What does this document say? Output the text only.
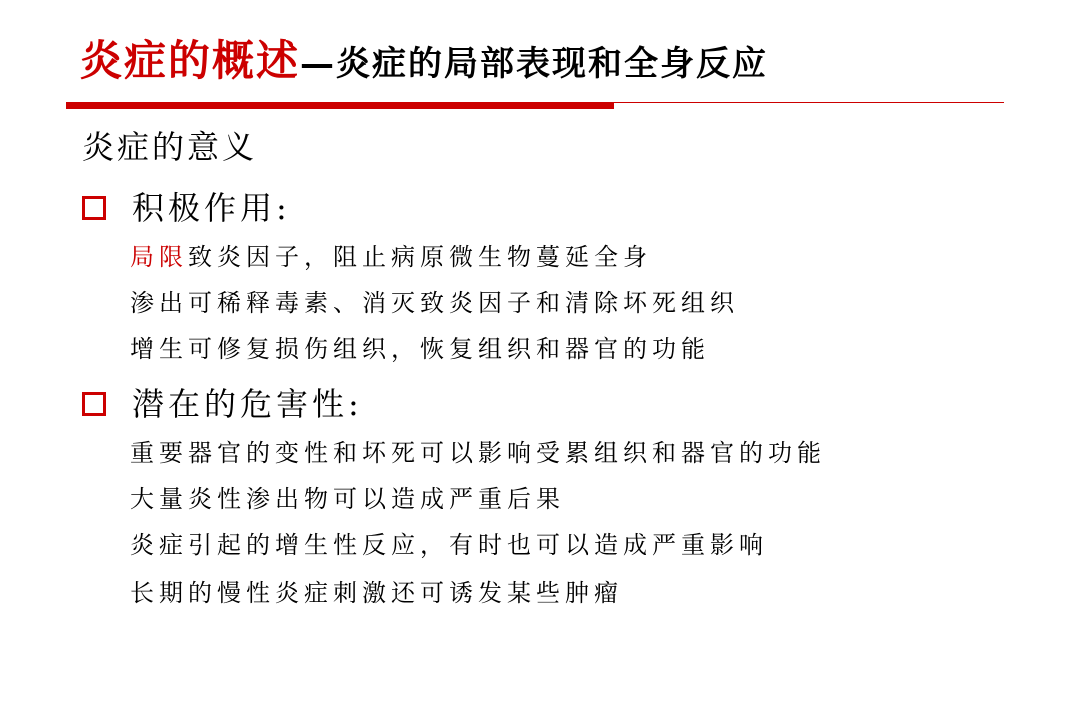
炎症的概述—炎症的局部表现和全身反应
炎症的意义
积极作用:
局限致炎因子，阻止病原微生物蔓延全身
渗出可稀释毒素、消灭致炎因子和清除坏死组织
增生可修复损伤组织，恢复组织和器官的功能
潜在的危害性:
重要器官的变性和坏死可以影响受累组织和器官的功能
大量炎性渗出物可以造成严重后果
炎症引起的增生性反应，有时也可以造成严重影响
长期的慢性炎症刺激还可诱发某些肿瘤
